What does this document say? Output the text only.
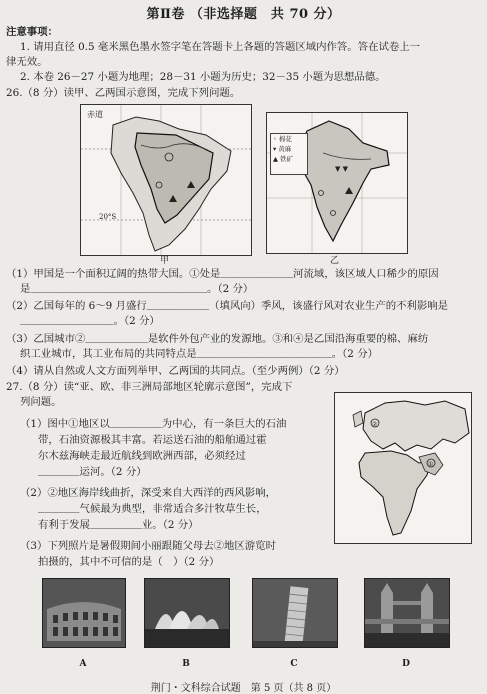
第Ⅱ卷 （非选择题　共 70 分）
注意事项：
1. 请用直径 0.5 毫米黑色墨水签字笔在答题卡上各题的答题区域内作答。答在试卷上一
律无效。
2. 本卷 26－27 小题为地理；28－31 小题为历史；32－35 小题为思想品德。
26.（8 分）读甲、乙两国示意图，完成下列问题。
赤道
20°S
甲
▼ ▼
◦ 棉花
▾ 黄麻
▲ 铁矿
乙
（1）甲国是一个面积辽阔的热带大国。①处是＿＿＿＿＿＿＿河流域，该区域人口稀少的原因
是＿＿＿＿＿＿＿＿＿＿＿＿＿＿＿＿＿。（2 分）
（2）乙国每年的 6～9 月盛行＿＿＿＿＿＿（填风向）季风，该盛行风对农业生产的不利影响是
＿＿＿＿＿＿＿＿＿。（2 分）
（3）乙国城市②＿＿＿＿＿＿是软件外包产业的发源地。③和④是乙国沿海重要的棉、麻纺
织工业城市，其工业布局的共同特点是＿＿＿＿＿＿＿＿＿＿＿＿＿。（2 分）
（4）请从自然或人文方面列举甲、乙两国的共同点。（至少两例）（2 分）
27.（8 分）读“亚、欧、非三洲局部地区轮廓示意图”，完成下
列问题。
（1）图中①地区以＿＿＿＿＿为中心，有一条巨大的石油
带，石油资源极其丰富。若运送石油的船舶通过霍
尔木兹海峡走最近航线到欧洲西部，必须经过
＿＿＿＿运河。（2 分）
（2）②地区海岸线曲折，深受来自大西洋的西风影响，
＿＿＿＿气候最为典型，非常适合多汁牧草生长，
有利于发展＿＿＿＿＿业。（2 分）
（3）下列照片是暑假期间小丽跟随父母去②地区游览时
拍摄的，其中不可信的是（　）（2 分）
①
②
A	B	C	D
荆门・文科综合试题　第 5 页（共 8 页）
